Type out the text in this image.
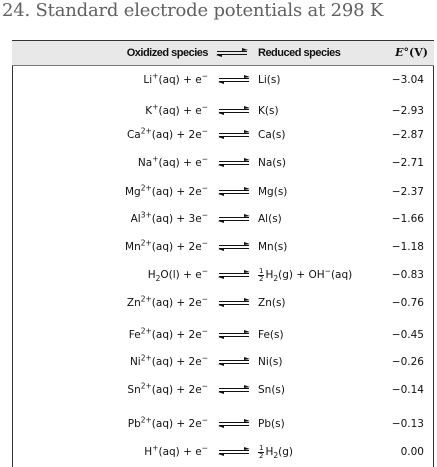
24. Standard electrode potentials at 298 K
Oxidized species	Reduced species	E°(V)
Li+(aq) + e−	Li(s)	−3.04
K+(aq) + e−	K(s)	−2.93
$Ca^{2+}(aq) + 2e^-$	Ca(s)	−2.87
Na+(aq) + e−	Na(s)	−2.71
$Mg^{2+}(aq) + 2e^-$	Mg(s)	−2.37
$Al^{3+}(aq) + 3e^-$	Al(s)	−1.66
$Mn^{2+}(aq) + 2e^-$	Mn(s)	−1.18
$H_2O(l) + e^-$	$\frac{1}{2} H_2(g) + OH^-(aq)$	−0.83
$Zn^{2+}(aq) + 2e^-$	Zn(s)	−0.76
$Fe^{2+}(aq) + 2e^-$	Fe(s)	−0.45
$Ni^{2+}(aq) + 2e^-$	Ni(s)	−0.26
$Sn^{2+}(aq) + 2e^-$	Sn(s)	−0.14
$Pb^{2+}(aq) + 2e^-$	Pb(s)	−0.13
H+(aq) + e−	$\frac{1}{2} H_2(g)$	0.00
